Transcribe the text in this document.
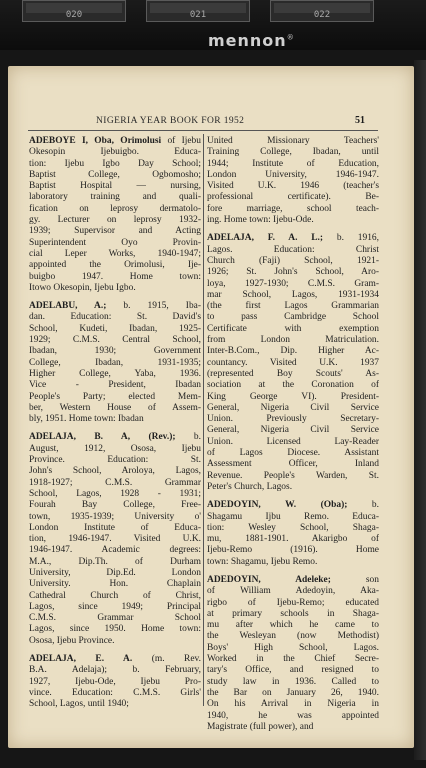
020	021	022
mennon®
NIGERIA YEAR BOOK FOR 1952	51
ADEBOYE I, Oba, Orimolusi of Ijebu
Okesopin Ijebuigbo. Educa-
tion: Ijebu Igbo Day School;
Baptist College, Ogbomosho;
Baptist Hospital — nursing,
laboratory training and quali-
fication on leprosy dermatolo-
gy. Lecturer on leprosy 1932-
1939; Supervisor and Acting
Superintendent Oyo Provin-
cial Leper Works, 1940-1947;
appointed the Orimolusi, Ije-
buigbo 1947. Home town:
Itowo Okesopin, Ijebu Igbo.
ADELABU, A.; b. 1915, Iba-
dan. Education: St. David's
School, Kudeti, Ibadan, 1925-
1929; C.M.S. Central School,
Ibadan, 1930; Government
College, Ibadan, 1931-1935;
Higher College, Yaba, 1936.
Vice - President, Ibadan
People's Party; elected Mem-
ber, Western House of Assem-
bly, 1951. Home town: Ibadan
ADELAJA, B. A, (Rev.); b.
August, 1912, Ososa, Ijebu
Province. Education: St.
John's School, Aroloya, Lagos,
1918-1927; C.M.S. Grammar
School, Lagos, 1928 - 1931;
Fourah Bay College, Free-
town, 1935-1939; University o'
London Institute of Educa-
tion, 1946-1947. Visited U.K.
1946-1947. Academic degrees:
M.A., Dip.Th. of Durham
University, Dip.Ed. London
University. Hon. Chaplain
Cathedral Church of Christ,
Lagos, since 1949; Principal
C.M.S. Grammar School
Lagos, since 1950. Home town:
Ososa, Ijebu Province.
ADELAJA, E. A. (m. Rev.
B.A. Adelaja); b. February,
1927, Ijebu-Ode, Ijebu Pro-
vince. Education: C.M.S. Girls'
School, Lagos, until 1940;
United Missionary Teachers'
Training College, Ibadan, until
1944; Institute of Education,
London University, 1946-1947.
Visited U.K. 1946 (teacher's
professional certificate). Be-
fore marriage, school teach-
ing. Home town: Ijebu-Ode.
ADELAJA, F. A. L.; b. 1916,
Lagos. Education: Christ
Church (Faji) School, 1921-
1926; St. John's School, Aro-
loya, 1927-1930; C.M.S. Gram-
mar School, Lagos, 1931-1934
(the first Lagos Grammarian
to pass Cambridge School
Certificate with exemption
from London Matriculation.
Inter-B.Com., Dip. Higher Ac-
countancy. Visited U.K. 1937
(represented Boy Scouts' As-
sociation at the Coronation of
King George VI). President-
General, Nigeria Civil Service
Union. Previously Secretary-
General, Nigeria Civil Service
Union. Licensed Lay-Reader
of Lagos Diocese. Assistant
Assessment Officer, Inland
Revenue. People's Warden, St.
Peter's Church, Lagos.
ADEDOYIN, W. (Oba);	b.
Shagamu Ijbu Remo. Educa-
tion: Wesley School, Shaga-
mu, 1881-1901. Akarigbo of
Ijebu-Remo (1916). Home
town: Shagamu, Ijebu Remo.
ADEDOYIN, Adeleke;	son
of William Adedoyin, Aka-
rigbo of Ijebu-Remo; educated
at primary schools in Shaga-
mu after which he came to
the Wesleyan (now Methodist)
Boys' High School, Lagos.
Worked in the Chief Secre-
tary's Office, and resigned to
study law in 1936. Called to
the Bar on January 26, 1940.
On his Arrival in Nigeria in
1940, he was appointed
Magistrate (full power), and
